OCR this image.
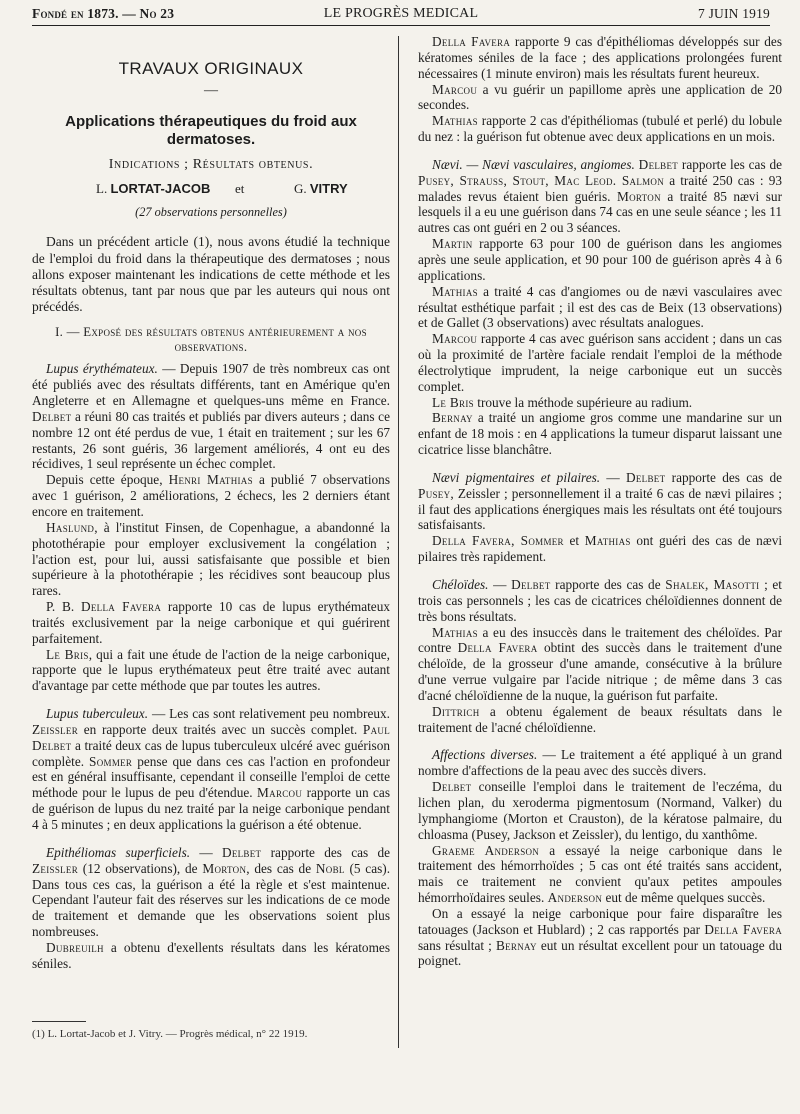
Fondé en 1873. — No 23	LE PROGRÈS MEDICAL	7 JUIN 1919
TRAVAUX ORIGINAUX
—
Applications thérapeutiques du froid aux
dermatoses.
Indications ; Résultats obtenus.
L. LORTAT-JACOB et	G. VITRY
(27 observations personnelles)

Dans un précédent article (1), nous avons étudié la technique de l'emploi du froid dans la thérapeutique des dermatoses ; nous allons exposer maintenant les indications de cette méthode et les résultats obtenus, tant par nous que par les auteurs qui nous ont précédés.

I. — Exposé des résultats obtenus antérieurement a nos observations.

Lupus érythémateux. — Depuis 1907 de très nombreux cas ont été publiés avec des résultats différents, tant en Amérique qu'en Angleterre et en Allemagne et quelques-uns même en France. Delbet a réuni 80 cas traités et publiés par divers auteurs ; dans ce nombre 12 ont été perdus de vue, 1 était en traitement ; sur les 67 restants, 26 sont guéris, 36 largement améliorés, 4 ont eu des récidives, 1 seul représente un échec complet.

Depuis cette époque, Henri Mathias a publié 7 observations avec 1 guérison, 2 améliorations, 2 échecs, les 2 derniers étant encore en traitement.

Haslund, à l'institut Finsen, de Copenhague, a abandonné la photothérapie pour employer exclusivement la congélation ; l'action est, pour lui, aussi satisfaisante que possible et bien supérieure à la photothérapie ; les récidives sont beaucoup plus rares.

P. B. Della Favera rapporte 10 cas de lupus erythémateux traités exclusivement par la neige carbonique et qui guérirent parfaitement.

Le Bris, qui a fait une étude de l'action de la neige carbonique, rapporte que le lupus erythémateux peut être traité avec autant d'avantage par cette méthode que par toutes les autres.

Lupus tuberculeux. — Les cas sont relativement peu nombreux. Zeissler en rapporte deux traités avec un succès complet. Paul Delbet a traité deux cas de lupus tuberculeux ulcéré avec guérison complète. Sommer pense que dans ces cas l'action en profondeur est en général insuffisante, cependant il conseille l'emploi de cette méthode pour le lupus de peu d'étendue. Marcou rapporte un cas de guérison de lupus du nez traité par la neige carbonique pendant 4 à 5 minutes ; en deux applications la guérison a été obtenue.

Epithéliomas superficiels. — Delbet rapporte des cas de Zeissler (12 observations), de Morton, des cas de Nobl (5 cas). Dans tous ces cas, la guérison a été la règle et s'est maintenue. Cependant l'auteur fait des réserves sur les indications de ce mode de traitement et demande que les observations soient plus nombreuses.

Dubreuilh a obtenu d'exellents résultats dans les kératomes séniles.

(1) L. Lortat-Jacob et J. Vitry. — Progrès médical, n° 22 1919.

Della Favera rapporte 9 cas d'épithéliomas développés sur des kératomes séniles de la face ; des applications prolongées furent nécessaires (1 minute environ) mais les résultats furent heureux.

Marcou a vu guérir un papillome après une application de 20 secondes.

Mathias rapporte 2 cas d'épithéliomas (tubulé et perlé) du lobule du nez : la guérison fut obtenue avec deux applications en un mois.

Nævi. — Nævi vasculaires, angiomes. Delbet rapporte les cas de Pusey, Strauss, Stout, Mac Leod. Salmon a traité 250 cas : 93 malades revus étaient bien guéris. Morton a traité 85 nævi sur lesquels il a eu une guérison dans 74 cas en une seule séance ; les 11 autres cas ont guéri en 2 ou 3 séances.

Martin rapporte 63 pour 100 de guérison dans les angiomes après une seule application, et 90 pour 100 de guérison après 4 à 6 applications.

Mathias a traité 4 cas d'angiomes ou de nævi vasculaires avec résultat esthétique parfait ; il est des cas de Beix (13 observations) et de Gallet (3 observations) avec résultats analogues.

Marcou rapporte 4 cas avec guérison sans accident ; dans un cas où la proximité de l'artère faciale rendait l'emploi de la méthode électrolytique imprudent, la neige carbonique eut un succès complet.

Le Bris trouve la méthode supérieure au radium.

Bernay a traité un angiome gros comme une mandarine sur un enfant de 18 mois : en 4 applications la tumeur disparut laissant une cicatrice lisse blanchâtre.

Nævi pigmentaires et pilaires. — Delbet rapporte des cas de Pusey, Zeissler ; personnellement il a traité 6 cas de nævi pilaires ; il faut des applications énergiques mais les résultats ont été toujours satisfaisants.

Della Favera, Sommer et Mathias ont guéri des cas de nævi pilaires très rapidement.

Chéloïdes. — Delbet rapporte des cas de Shalek, Masotti ; et trois cas personnels ; les cas de cicatrices chéloïdiennes donnent de très bons résultats.

Mathias a eu des insuccès dans le traitement des chéloïdes. Par contre Della Favera obtint des succès dans le traitement d'une chéloïde, de la grosseur d'une amande, consécutive à la brûlure d'une verrue vulgaire par l'acide nitrique ; de même dans 3 cas d'acné chéloïdienne de la nuque, la guérison fut parfaite.

Dittrich a obtenu également de beaux résultats dans le traitement de l'acné chéloïdienne.

Affections diverses. — Le traitement a été appliqué à un grand nombre d'affections de la peau avec des succès divers.

Delbet conseille l'emploi dans le traitement de l'eczéma, du lichen plan, du xeroderma pigmentosum (Normand, Valker) du lymphangiome (Morton et Crauston), de la kératose palmaire, du chloasma (Pusey, Jackson et Zeissler), du lentigo, du xanthôme.

Graeme Anderson a essayé la neige carbonique dans le traitement des hémorrhoïdes ; 5 cas ont été traités sans accident, mais ce traitement ne convient qu'aux petites ampoules hémorrhoïdaires seules. Anderson eut de même quelques succès.

On a essayé la neige carbonique pour faire disparaître les tatouages (Jackson et Hublard) ; 2 cas rapportés par Della Favera sans résultat ; Bernay eut un résultat excellent pour un tatouage du poignet.
